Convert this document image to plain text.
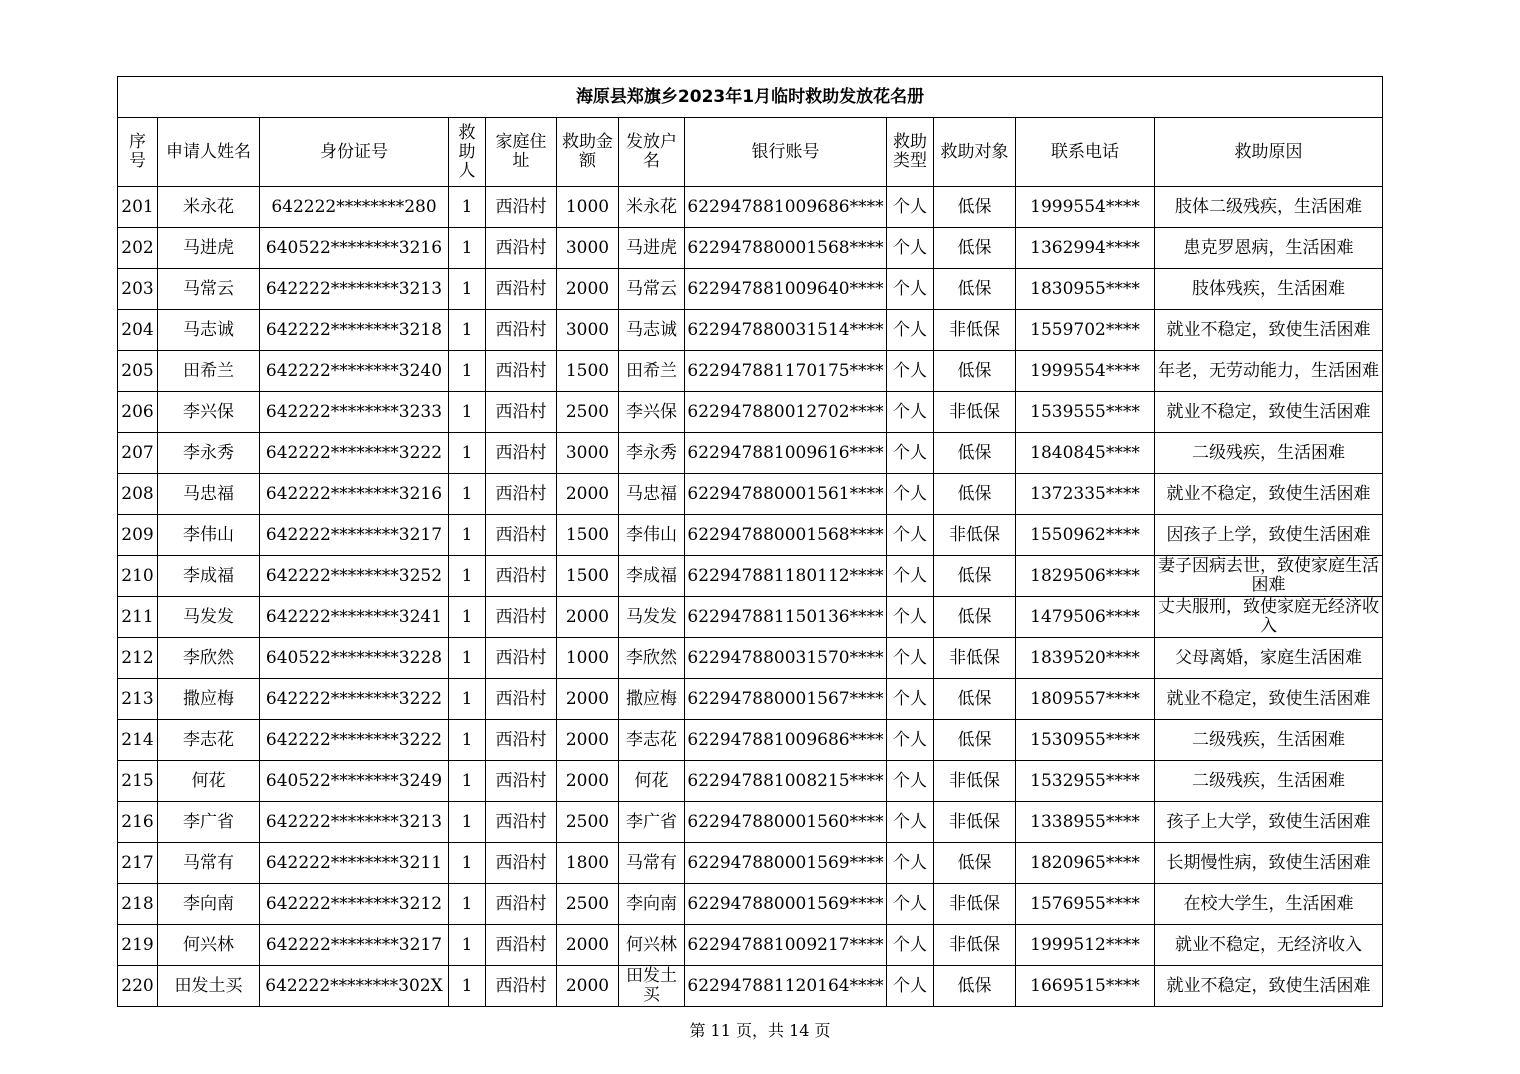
海原县郑旗乡2023年1月临时救助发放花名册											

序号	申请人姓名	身份证号	救助人	家庭住址	救助金额	发放户名	银行账号	救助类型	救助对象	联系电话	救助原因
201	米永花	642222********280	1	西沿村	1000	米永花	622947881009686****	个人	低保	1999554****	肢体二级残疾，生活困难
202	马进虎	640522********3216	1	西沿村	3000	马进虎	622947880001568****	个人	低保	1362994****	患克罗恩病，生活困难
203	马常云	642222********3213	1	西沿村	2000	马常云	622947881009640****	个人	低保	1830955****	肢体残疾，生活困难
204	马志诚	642222********3218	1	西沿村	3000	马志诚	622947880031514****	个人	非低保	1559702****	就业不稳定，致使生活困难
205	田希兰	642222********3240	1	西沿村	1500	田希兰	622947881170175****	个人	低保	1999554****	年老，无劳动能力，生活困难
206	李兴保	642222********3233	1	西沿村	2500	李兴保	622947880012702****	个人	非低保	1539555****	就业不稳定，致使生活困难
207	李永秀	642222********3222	1	西沿村	3000	李永秀	622947881009616****	个人	低保	1840845****	二级残疾，生活困难
208	马忠福	642222********3216	1	西沿村	2000	马忠福	622947880001561****	个人	低保	1372335****	就业不稳定，致使生活困难
209	李伟山	642222********3217	1	西沿村	1500	李伟山	622947880001568****	个人	非低保	1550962****	因孩子上学，致使生活困难
210	李成福	642222********3252	1	西沿村	1500	李成福	622947881180112****	个人	低保	1829506****	妻子因病去世，致使家庭生活困难
211	马发发	642222********3241	1	西沿村	2000	马发发	622947881150136****	个人	低保	1479506****	丈夫服刑，致使家庭无经济收入
212	李欣然	640522********3228	1	西沿村	1000	李欣然	622947880031570****	个人	非低保	1839520****	父母离婚，家庭生活困难
213	撒应梅	642222********3222	1	西沿村	2000	撒应梅	622947880001567****	个人	低保	1809557****	就业不稳定，致使生活困难
214	李志花	642222********3222	1	西沿村	2000	李志花	622947881009686****	个人	低保	1530955****	二级残疾，生活困难
215	何花	640522********3249	1	西沿村	2000	何花	622947881008215****	个人	非低保	1532955****	二级残疾，生活困难
216	李广省	642222********3213	1	西沿村	2500	李广省	622947880001560****	个人	非低保	1338955****	孩子上大学，致使生活困难
217	马常有	642222********3211	1	西沿村	1800	马常有	622947880001569****	个人	低保	1820965****	长期慢性病，致使生活困难
218	李向南	642222********3212	1	西沿村	2500	李向南	622947880001569****	个人	非低保	1576955****	在校大学生，生活困难
219	何兴林	642222********3217	1	西沿村	2000	何兴林	622947881009217****	个人	非低保	1999512****	就业不稳定，无经济收入
220	田发土买	642222********302X	1	西沿村	2000	田发土买	622947881120164****	个人	低保	1669515****	就业不稳定，致使生活困难
第 11 页，共 14 页
